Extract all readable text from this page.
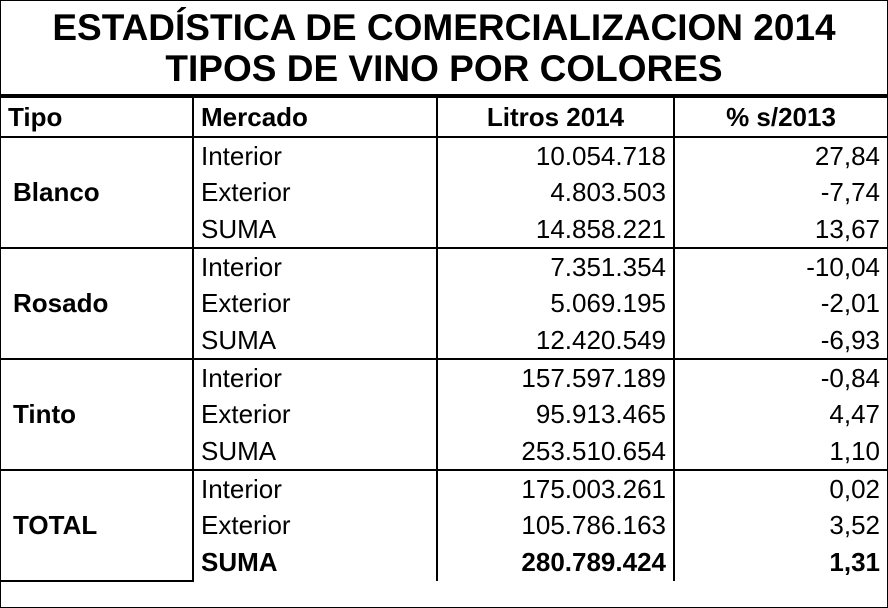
ESTADÍSTICA DE COMERCIALIZACION 2014
TIPOS DE VINO POR COLORES
Tipo	Mercado	Litros 2014	% s/2013
Blanco	Interior	10.054.718	27,84
	Exterior	4.803.503	-7,74
	SUMA	14.858.221	13,67
Rosado	Interior	7.351.354	-10,04
	Exterior	5.069.195	-2,01
	SUMA	12.420.549	-6,93
Tinto	Interior	157.597.189	-0,84
	Exterior	95.913.465	4,47
	SUMA	253.510.654	1,10
TOTAL	Interior	175.003.261	0,02
	Exterior	105.786.163	3,52
	SUMA	280.789.424	1,31
